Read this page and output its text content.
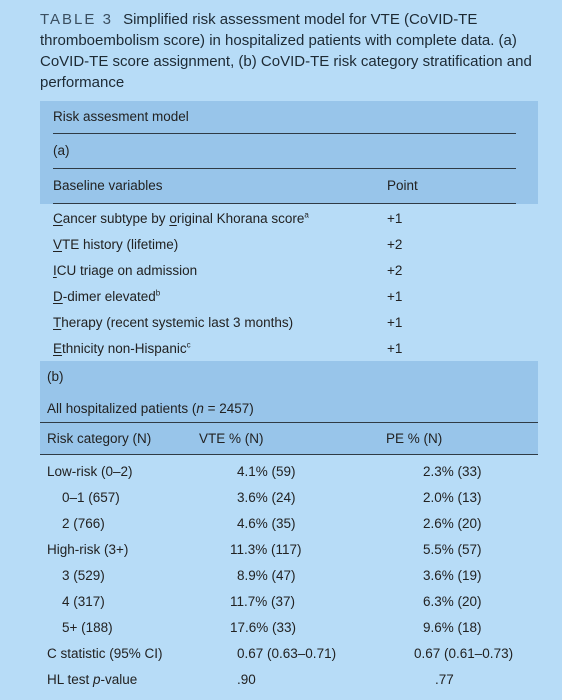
TABLE 3 Simplified risk assessment model for VTE (CoVID-TE thromboembolism score) in hospitalized patients with complete data. (a) CoVID-TE score assignment, (b) CoVID-TE risk category stratification and performance
Risk assesment model
(a)
Baseline variables	Point
Cancer subtype by original Khorana score$^a$	+1
VTE history (lifetime)	+2
ICU triage on admission	+2
D-dimer elevated$^b$	+1
Therapy (recent systemic last 3 months)	+1
Ethnicity non-Hispanic$^c$	+1
(b)
All hospitalized patients (n = 2457)
Risk category (N)	VTE % (N)	PE % (N)
Low-risk (0–2)	4.1% (59)	2.3% (33)
0–1 (657)	3.6% (24)	2.0% (13)
2 (766)	4.6% (35)	2.6% (20)
High-risk (3+)	11.3% (117)	5.5% (57)
3 (529)	8.9% (47)	3.6% (19)
4 (317)	11.7% (37)	6.3% (20)
5+ (188)	17.6% (33)	9.6% (18)
C statistic (95% CI)	0.67 (0.63–0.71)	0.67 (0.61–0.73)
HL test p-value	.90	.77
